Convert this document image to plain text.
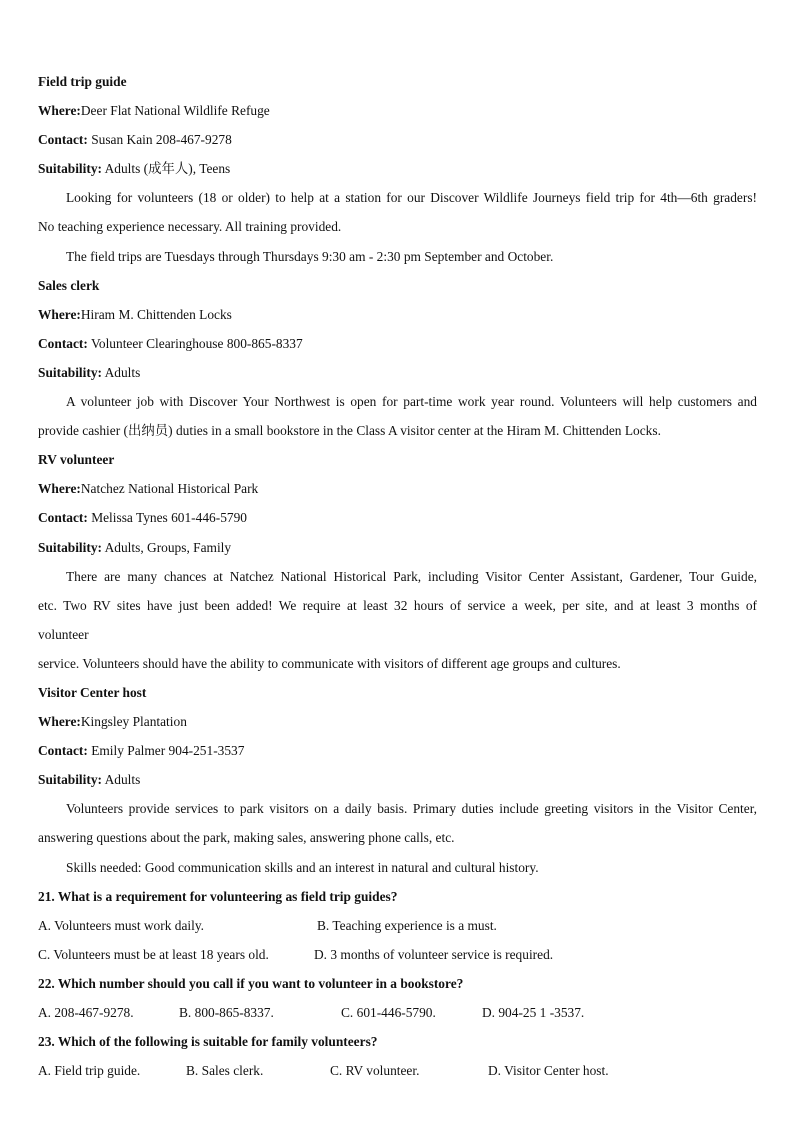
Field trip guide
Where:Deer Flat National Wildlife Refuge
Contact: Susan Kain 208-467-9278
Suitability: Adults (成年人), Teens
Looking for volunteers (18 or older) to help at a station for our Discover Wildlife Journeys field trip for 4th—6th graders!
No teaching experience necessary. All training provided.
The field trips are Tuesdays through Thursdays 9:30 am - 2:30 pm September and October.
Sales clerk
Where:Hiram M. Chittenden Locks
Contact: Volunteer Clearinghouse 800-865-8337
Suitability: Adults
A volunteer job with Discover Your Northwest is open for part-time work year round. Volunteers will help customers and
provide cashier (出纳员) duties in a small bookstore in the Class A visitor center at the Hiram M. Chittenden Locks.
RV volunteer
Where:Natchez National Historical Park
Contact: Melissa Tynes 601-446-5790
Suitability: Adults, Groups, Family
There are many chances at Natchez National Historical Park, including Visitor Center Assistant, Gardener, Tour Guide,
etc. Two RV sites have just been added! We require at least 32 hours of service a week, per site, and at least 3 months of
volunteer
service. Volunteers should have the ability to communicate with visitors of different age groups and cultures.
Visitor Center host
Where:Kingsley Plantation
Contact: Emily Palmer 904-251-3537
Suitability: Adults
Volunteers provide services to park visitors on a daily basis. Primary duties include greeting visitors in the Visitor Center,
answering questions about the park, making sales, answering phone calls, etc.
Skills needed: Good communication skills and an interest in natural and cultural history.
21. What is a requirement for volunteering as field trip guides?
A. Volunteers must work daily.	B. Teaching experience is a must.
C. Volunteers must be at least 18 years old.	D. 3 months of volunteer service is required.
22. Which number should you call if you want to volunteer in a bookstore?
A. 208-467-9278.	B. 800-865-8337.	C. 601-446-5790.	D. 904-25 1 -3537.
23. Which of the following is suitable for family volunteers?
A. Field trip guide.	B. Sales clerk.	C. RV volunteer.	D. Visitor Center host.
